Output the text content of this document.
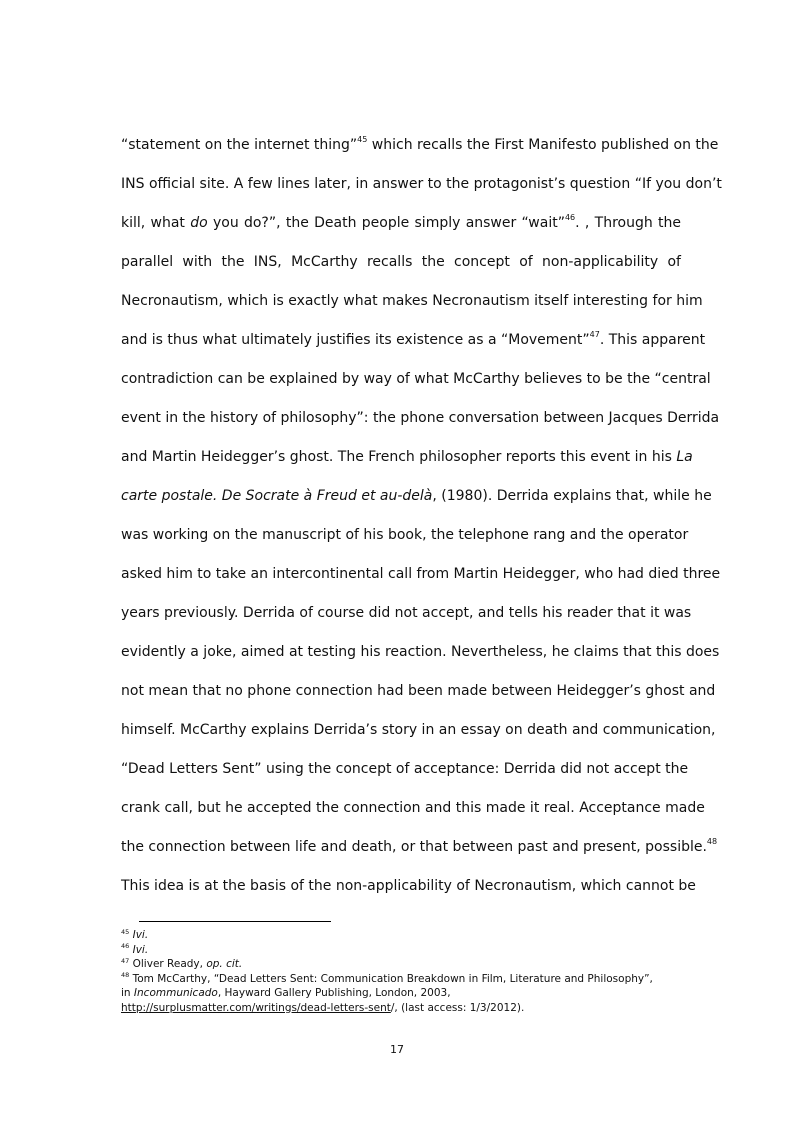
“statement on the internet thing”$^{45}$ which recalls the First Manifesto published on the
INS official site. A few lines later, in answer to the protagonist’s question “If you don’t
kill, what do you do?”, the Death people simply answer “wait”$^{46}$. , Through the
parallel with the INS, McCarthy recalls the concept of non-applicability of
Necronautism, which is exactly what makes Necronautism itself interesting for him
and is thus what ultimately justifies its existence as a “Movement”$^{47}$. This apparent
contradiction can be explained by way of what McCarthy believes to be the “central
event in the history of philosophy”: the phone conversation between Jacques Derrida
and Martin Heidegger’s ghost. The French philosopher reports this event in his La
carte postale. De Socrate à Freud et au-delà, (1980). Derrida explains that, while he
was working on the manuscript of his book, the telephone rang and the operator
asked him to take an intercontinental call from Martin Heidegger, who had died three
years previously. Derrida of course did not accept, and tells his reader that it was
evidently a joke, aimed at testing his reaction. Nevertheless, he claims that this does
not mean that no phone connection had been made between Heidegger’s ghost and
himself. McCarthy explains Derrida’s story in an essay on death and communication,
“Dead Letters Sent” using the concept of acceptance: Derrida did not accept the
crank call, but he accepted the connection and this made it real. Acceptance made
the connection between life and death, or that between past and present, possible.$^{48}$
This idea is at the basis of the non-applicability of Necronautism, which cannot be
$^{45}$ Ivi.
$^{46}$ Ivi.
$^{47}$ Oliver Ready, op. cit.
$^{48}$ Tom McCarthy, “Dead Letters Sent: Communication Breakdown in Film, Literature and Philosophy”,
in Incommunicado, Hayward Gallery Publishing, London, 2003,
http://surplusmatter.com/writings/dead-letters-sent/, (last access: 1/3/2012).
17
